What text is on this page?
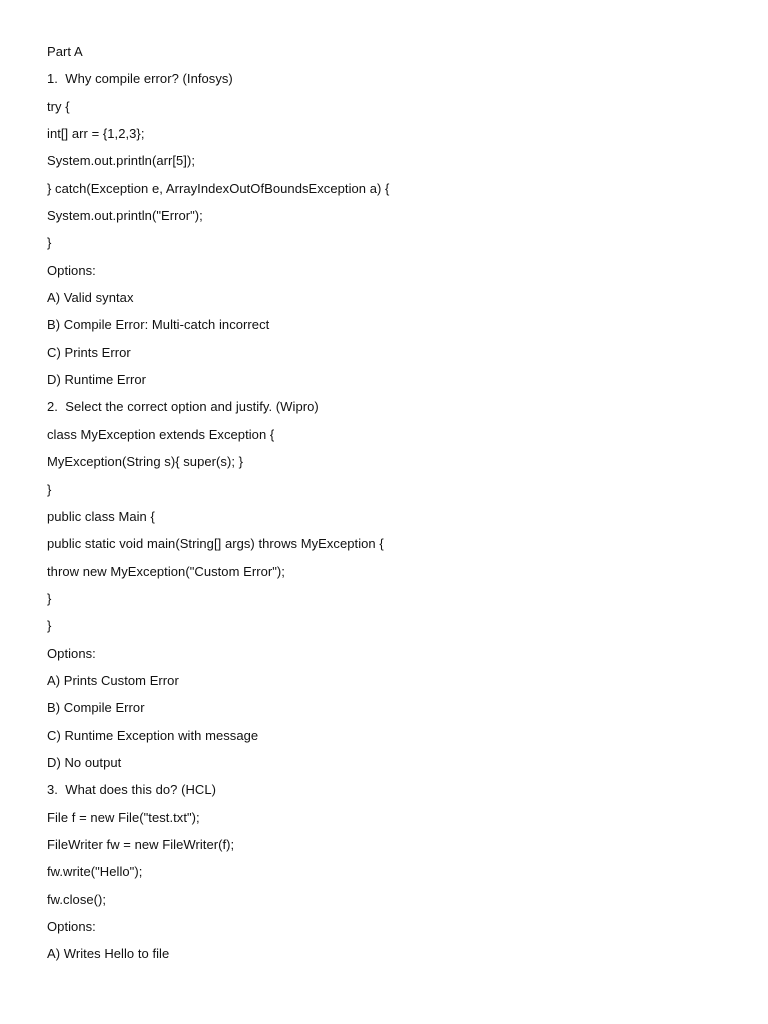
Part A
1.  Why compile error? (Infosys)
try {
int[] arr = {1,2,3};
System.out.println(arr[5]);
} catch(Exception e, ArrayIndexOutOfBoundsException a) {
System.out.println("Error");
}
Options:
A) Valid syntax
B) Compile Error: Multi-catch incorrect
C) Prints Error
D) Runtime Error
2.  Select the correct option and justify. (Wipro)
class MyException extends Exception {
MyException(String s){ super(s); }
}
public class Main {
public static void main(String[] args) throws MyException {
throw new MyException("Custom Error");
}
}
Options:
A) Prints Custom Error
B) Compile Error
C) Runtime Exception with message
D) No output
3.  What does this do? (HCL)
File f = new File("test.txt");
FileWriter fw = new FileWriter(f);
fw.write("Hello");
fw.close();
Options:
A) Writes Hello to file
